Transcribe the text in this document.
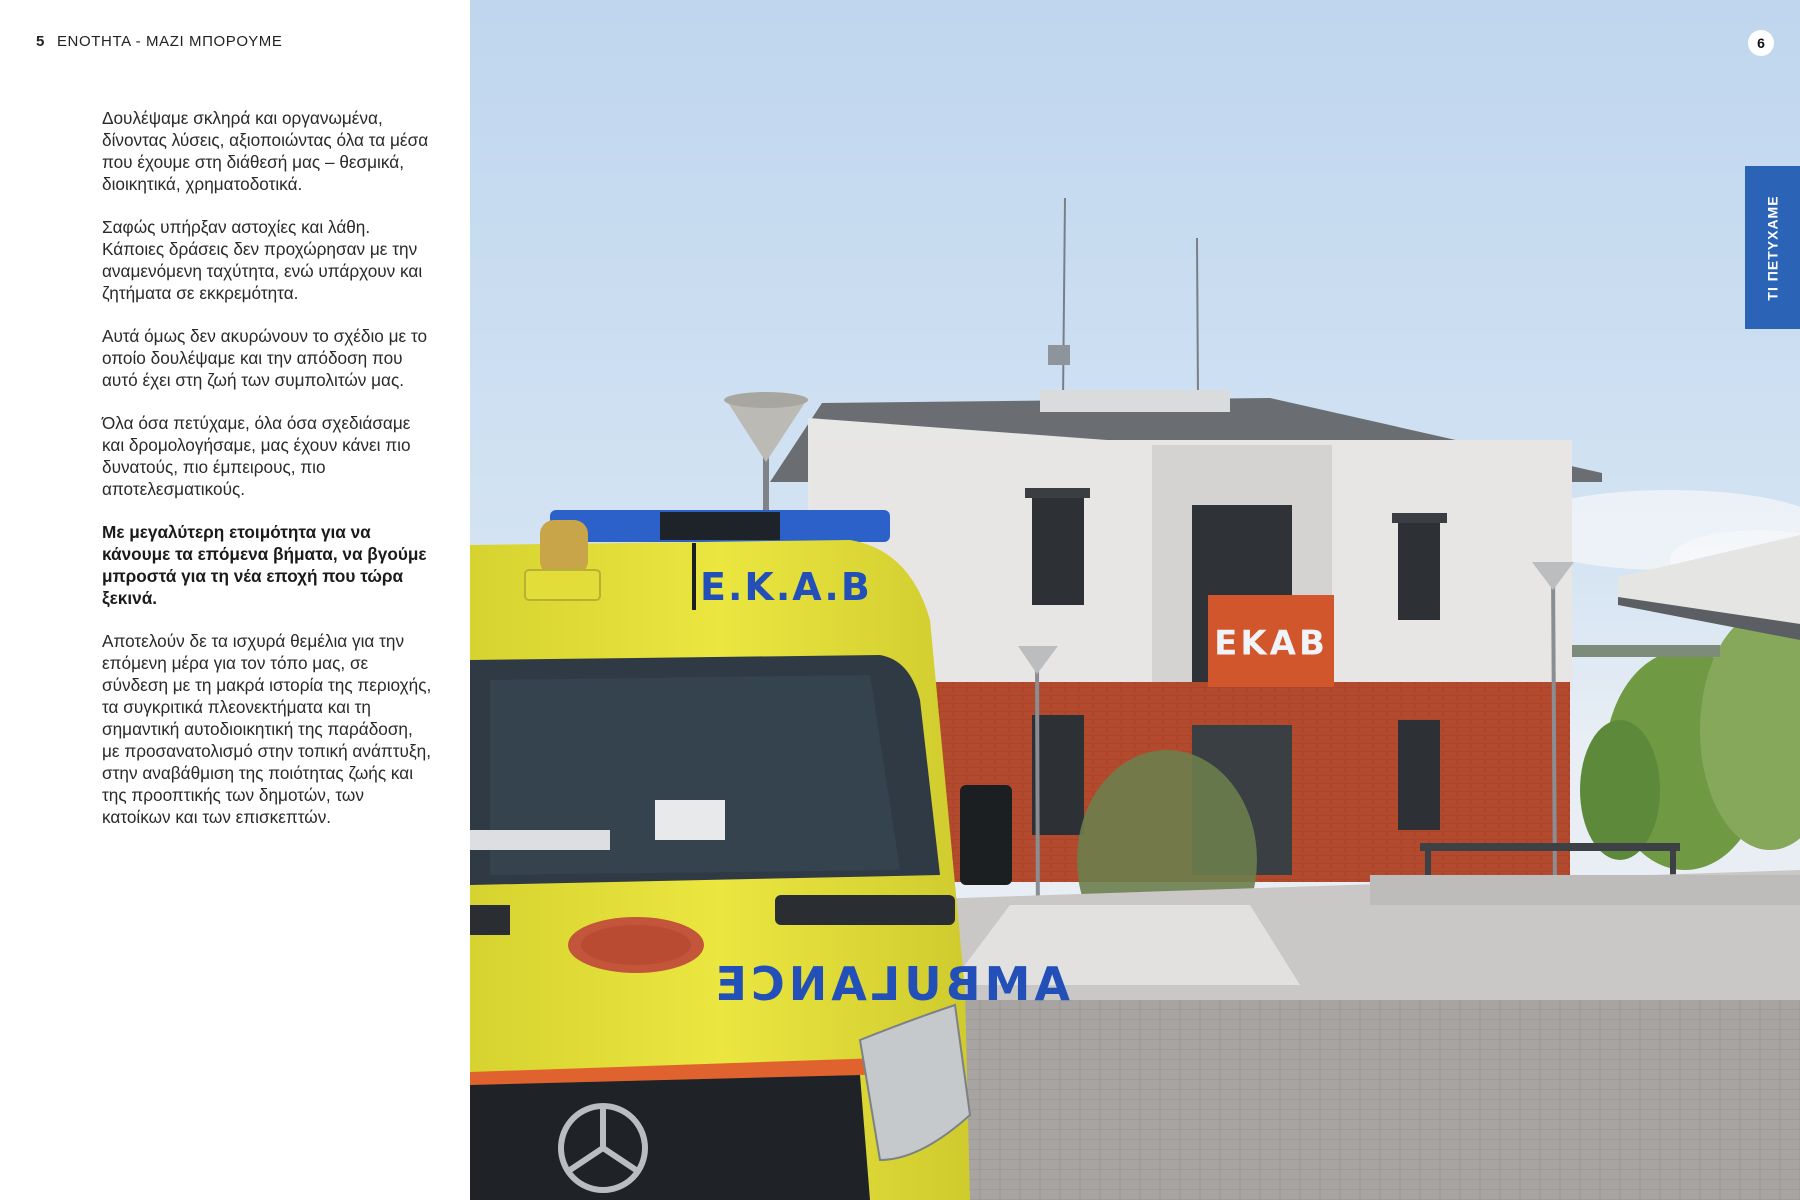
5 ΕΝΟΤΗΤΑ - ΜΑΖΙ ΜΠΟΡΟΥΜΕ

Δουλέψαμε σκληρά και οργανωμένα, δίνοντας λύσεις, αξιοποιώντας όλα τα μέσα που έχουμε στη διάθεσή μας – θεσμικά, διοικητικά, χρηματοδοτικά.

Σαφώς υπήρξαν αστοχίες και λάθη. Κάποιες δράσεις δεν προχώρησαν με την αναμενόμενη ταχύτητα, ενώ υπάρχουν και ζητήματα σε εκκρεμότητα.

Αυτά όμως δεν ακυρώνουν το σχέδιο με το οποίο δουλέψαμε και την απόδοση που αυτό έχει στη ζωή των συμπολιτών μας.

Όλα όσα πετύχαμε, όλα όσα σχεδιάσαμε και δρομολογήσαμε, μας έχουν κάνει πιο δυνατούς, πιο έμπειρους, πιο αποτελεσματικούς.

Με μεγαλύτερη ετοιμότητα για να κάνουμε τα επόμενα βήματα, να βγούμε μπροστά για τη νέα εποχή που τώρα ξεκινά.

Αποτελούν δε τα ισχυρά θεμέλια για την επόμενη μέρα για τον τόπο μας, σε σύνδεση με τη μακρά ιστορία της περιοχής, τα συγκριτικά πλεονεκτήματα και τη σημαντική αυτοδιοικητική της παράδοση, με προσανατολισμό στην τοπική ανάπτυξη, στην αναβάθμιση της ποιότητας ζωής και της προοπτικής των δημοτών, των κατοίκων και των επισκεπτών.

ΕΚΑΒ
E.K.A.B
AMBULANCE
6
ΤΙ ΠΕΤΥΧΑΜΕ
